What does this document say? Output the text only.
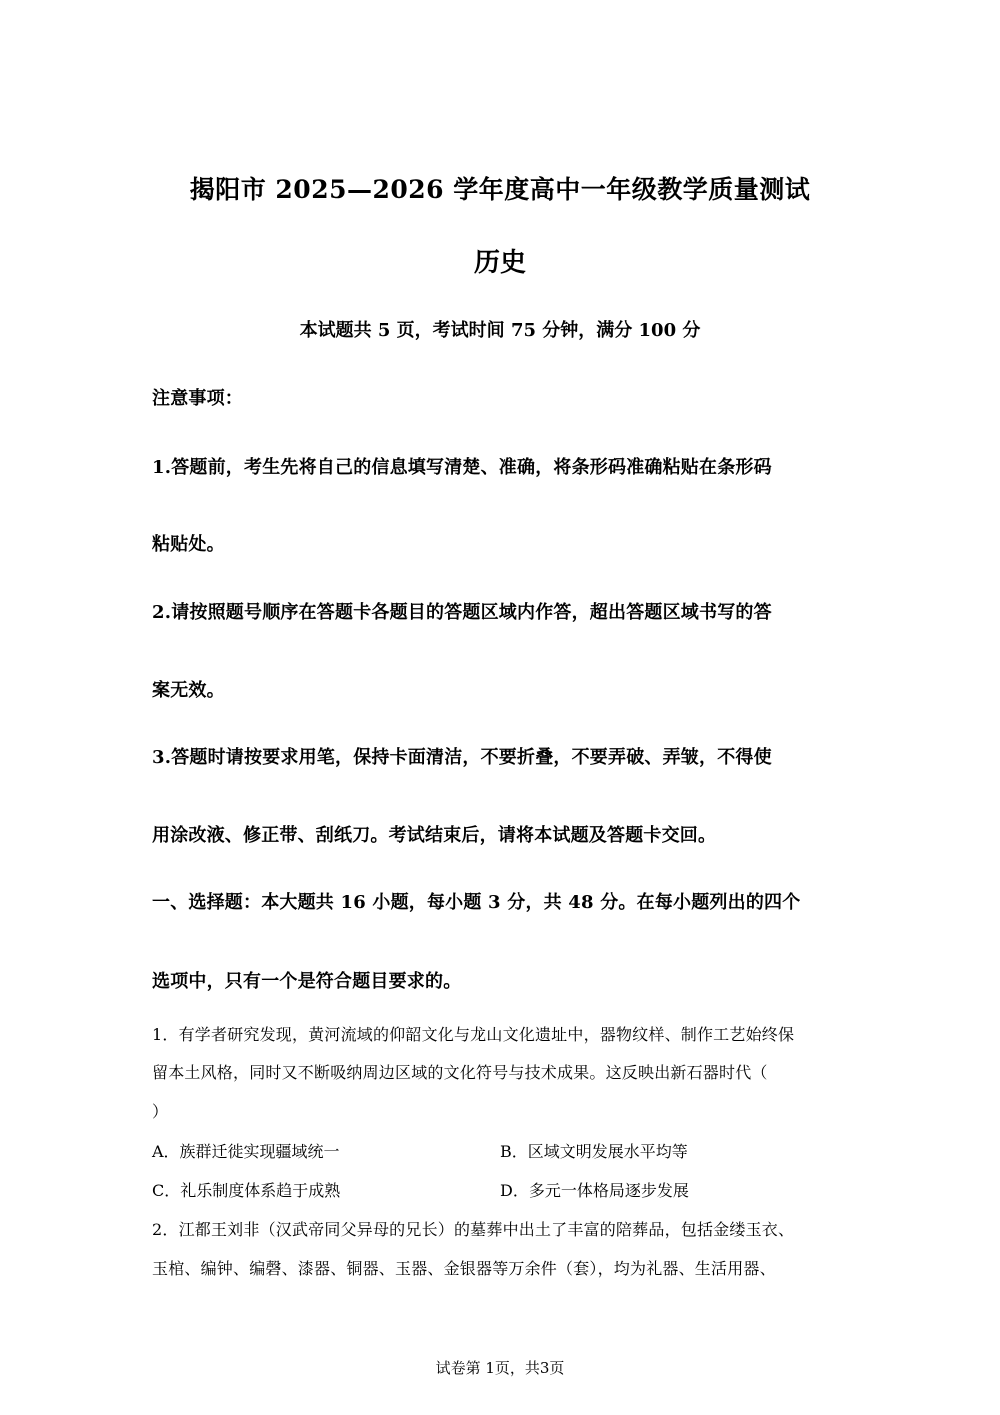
揭阳市 2025—2026 学年度高中一年级教学质量测试
历史

本试题共 5 页，考试时间 75 分钟，满分 100 分

注意事项：

1.答题前，考生先将自己的信息填写清楚、准确，将条形码准确粘贴在条形码

粘贴处。

2.请按照题号顺序在答题卡各题目的答题区域内作答，超出答题区域书写的答

案无效。

3.答题时请按要求用笔，保持卡面清洁，不要折叠，不要弄破、弄皱，不得使

用涂改液、修正带、刮纸刀。考试结束后，请将本试题及答题卡交回。

一、选择题：本大题共 16 小题，每小题 3 分，共 48 分。在每小题列出的四个

选项中，只有一个是符合题目要求的。

1．有学者研究发现，黄河流域的仰韶文化与龙山文化遗址中，器物纹样、制作工艺始终保

留本土风格，同时又不断吸纳周边区域的文化符号与技术成果。这反映出新石器时代（

）

A．族群迁徙实现疆域统一	B．区域文明发展水平均等

C．礼乐制度体系趋于成熟	D．多元一体格局逐步发展

2．江都王刘非（汉武帝同父异母的兄长）的墓葬中出土了丰富的陪葬品，包括金缕玉衣、

玉棺、编钟、编磬、漆器、铜器、玉器、金银器等万余件（套），均为礼器、生活用器、

试卷第 1页，共3页
